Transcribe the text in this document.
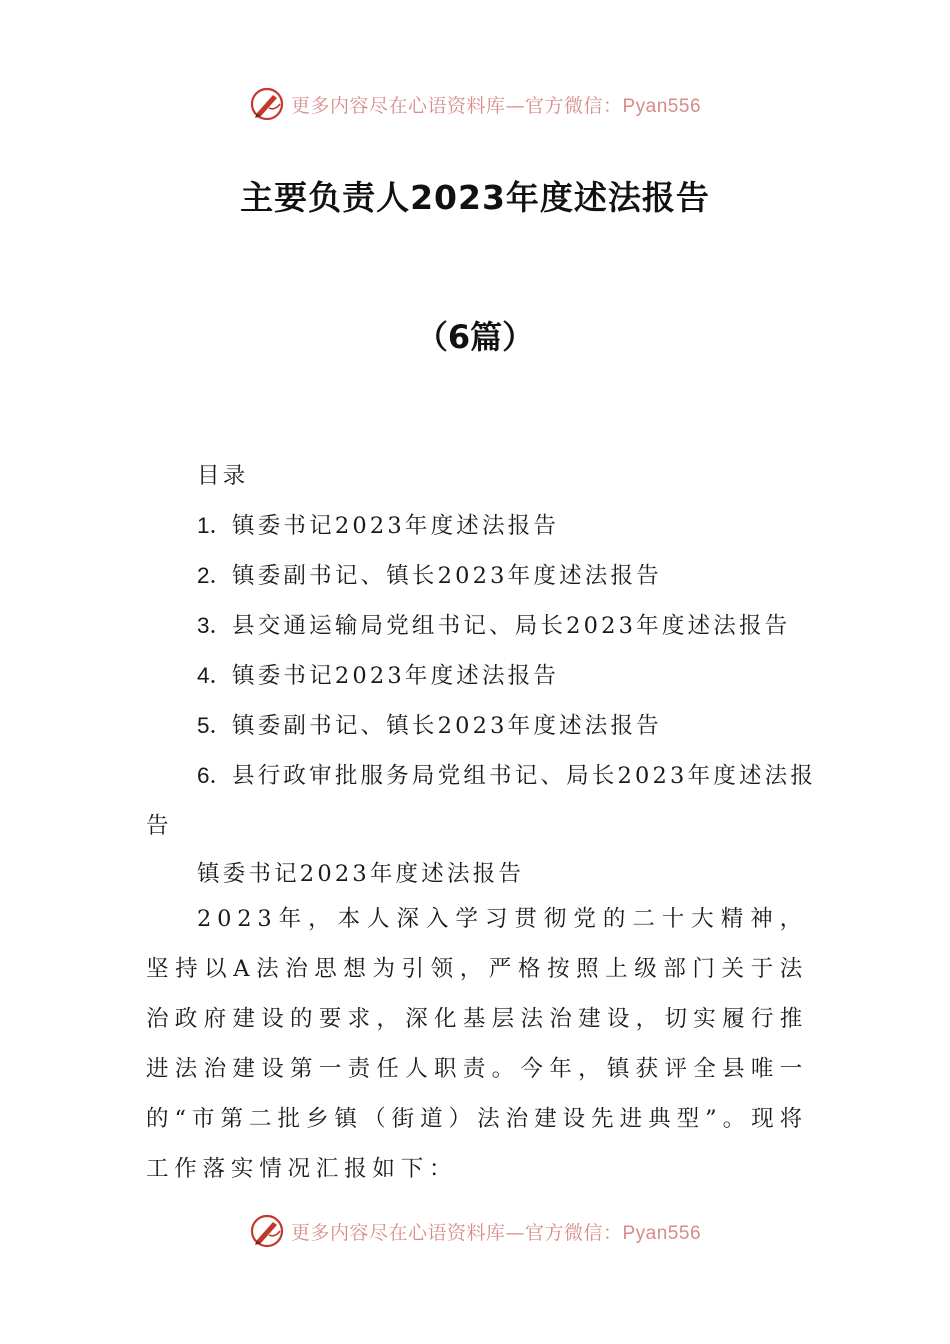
更多内容尽在心语资料库—官方微信：Pyan556
主要负责人2023年度述法报告
（6篇）
目录
1．镇委书记2023年度述法报告
2．镇委副书记、镇长2023年度述法报告
3．县交通运输局党组书记、局长2023年度述法报告
4．镇委书记2023年度述法报告
5．镇委副书记、镇长2023年度述法报告
6．县行政审批服务局党组书记、局长2023年度述法报
告
镇委书记2023年度述法报告
2023年，本人深入学习贯彻党的二十大精神，坚持以A法治思想为引领，严格按照上级部门关于法治政府建设的要求，深化基层法治建设，切实履行推进法治建设第一责任人职责。今年，镇获评全县唯一的“市第二批乡镇（街道）法治建设先进典型”。现将工作落实情况汇报如下：
更多内容尽在心语资料库—官方微信：Pyan556
